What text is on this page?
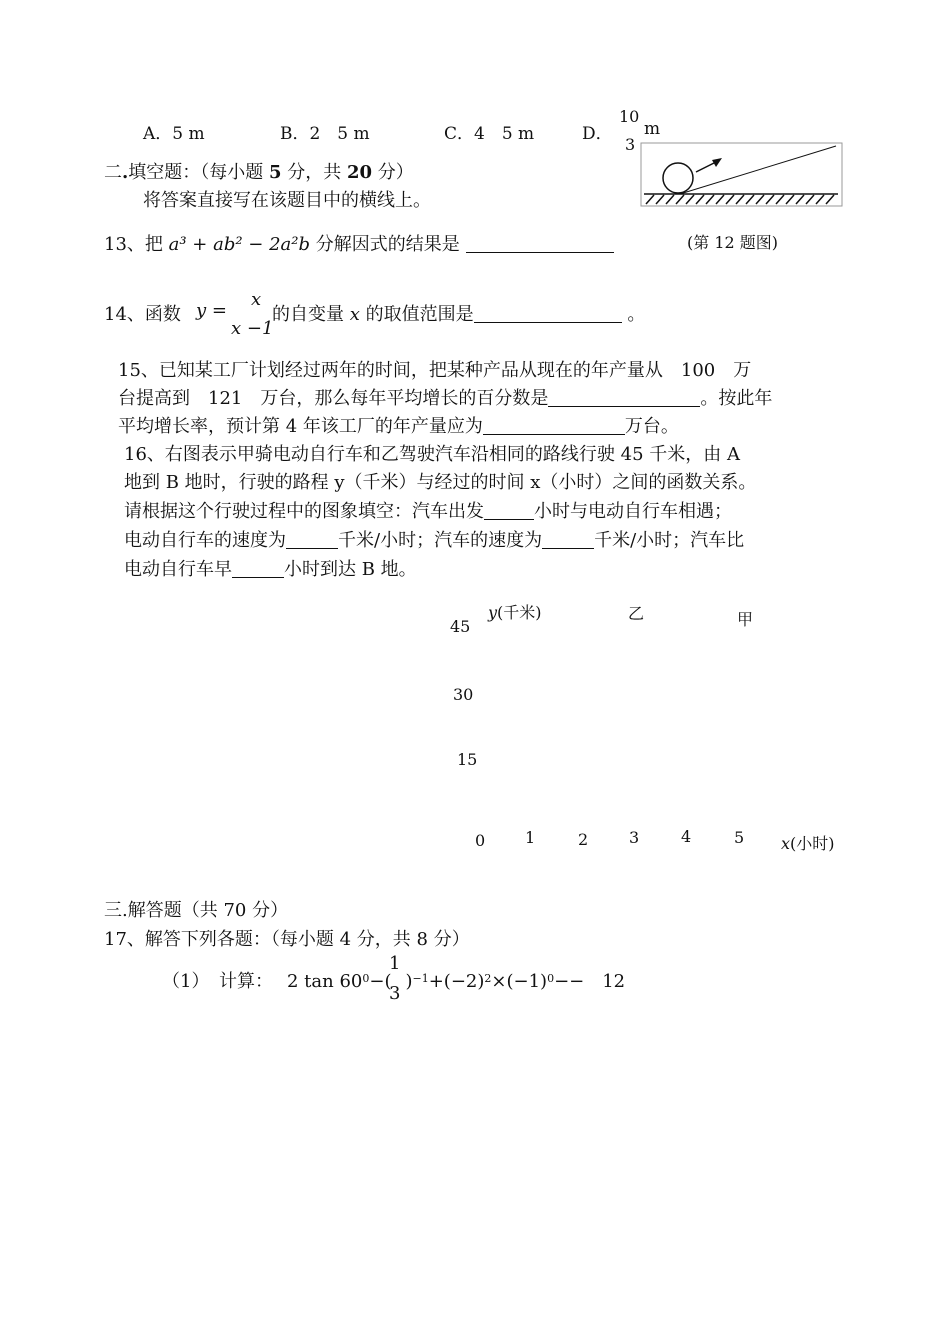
A．5 m	B．2　5 m	C．4　5 m	D．
10
3
m
二.填空题：（每小题 5 分，共 20 分）
将答案直接写在该题目中的横线上。
(第 12 题图)
13、把 a³ + ab² − 2a²b 分解因式的结果是
14、函数 y =
x
x −1
的自变量 x 的取值范围是	。
15、已知某工厂计划经过两年的时间，把某种产品从现在的年产量从　100　万
台提高到　121　万台，那么每年平均增长的百分数是	。按此年
平均增长率，预计第 4 年该工厂的年产量应为	万台。
16、右图表示甲骑电动自行车和乙驾驶汽车沿相同的路线行驶 45 千米，由 A
地到 B 地时，行驶的路程 y（千米）与经过的时间 x（小时）之间的函数关系。
请根据这个行驶过程中的图象填空：汽车出发	小时与电动自行车相遇；
电动自行车的速度为	千米/小时；汽车的速度为	千米/小时；汽车比
电动自行车早	小时到达 B 地。
y(千米)	乙	甲
45
30
15
0 1	2	3	4	5 x(小时)
三.解答题（共 70 分）
17、解答下列各题：（每小题 4 分，共 8 分）
（1） 计算： 2 $\tan 60^0-$( )$^{-1}+(-2)^2\times(-1)^0--$　12
1
3
